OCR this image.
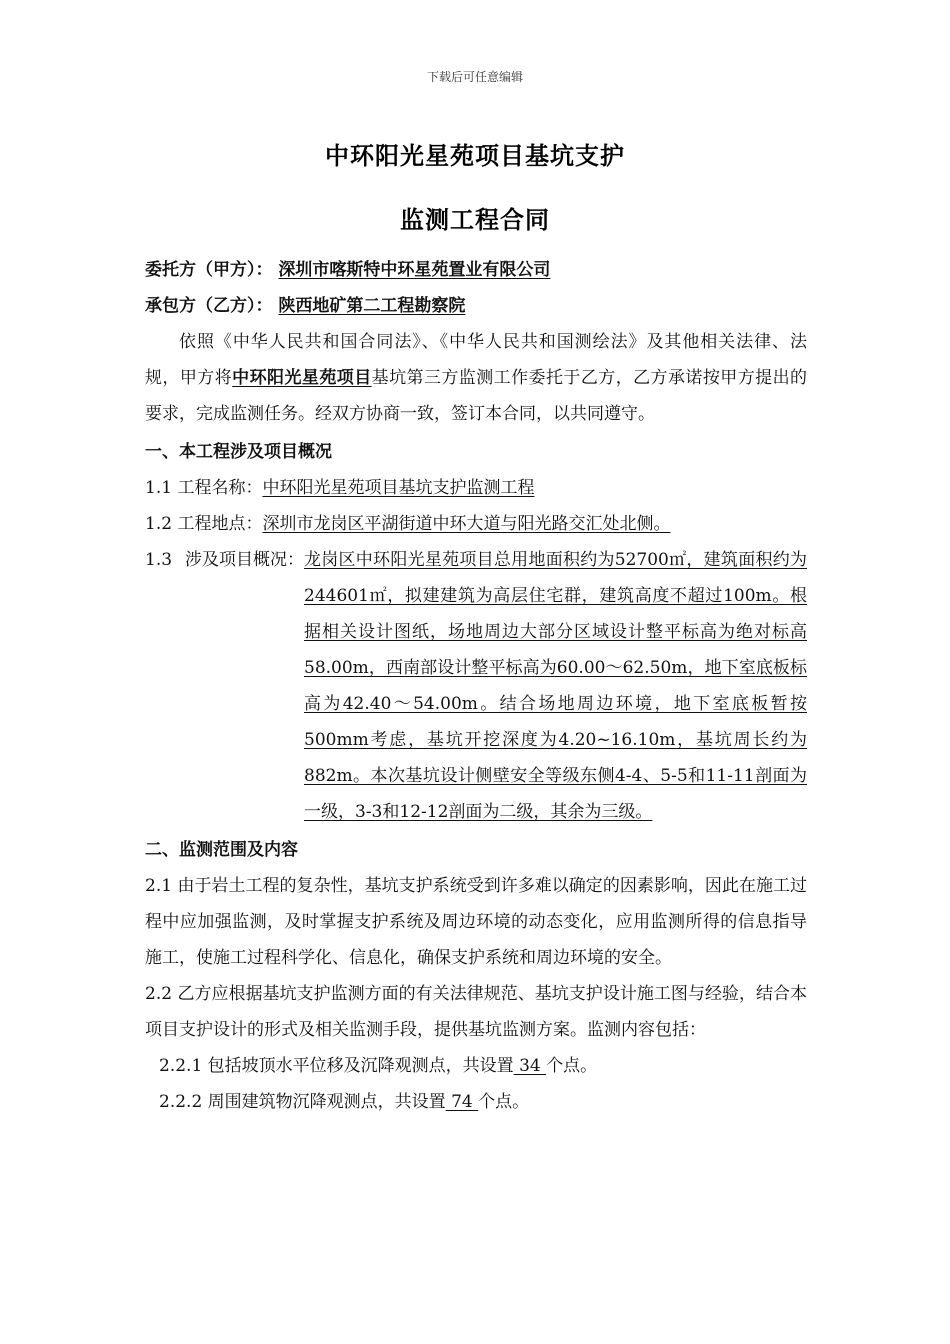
下载后可任意编辑
中环阳光星苑项目基坑支护
监测工程合同
委托方（甲方）： 深圳市喀斯特中环星苑置业有限公司
承包方（乙方）： 陕西地矿第二工程勘察院
依照《中华人民共和国合同法》、《中华人民共和国测绘法》及其他相关法律、法规，甲方将中环阳光星苑项目基坑第三方监测工作委托于乙方，乙方承诺按甲方提出的要求，完成监测任务。经双方协商一致，签订本合同，以共同遵守。
一、本工程涉及项目概况
1.1 工程名称： 中环阳光星苑项目基坑支护监测工程
1.2 工程地点： 深圳市龙岗区平湖街道中环大道与阳光路交汇处北侧。
1.3 涉及项目概况： 龙岗区中环阳光星苑项目总用地面积约为52700㎡，建筑面积约为244601㎡，拟建建筑为高层住宅群，建筑高度不超过100m。根据相关设计图纸，场地周边大部分区域设计整平标高为绝对标高58.00m，西南部设计整平标高为60.00～62.50m，地下室底板标高为42.40～54.00m。结合场地周边环境，地下室底板暂按500mm考虑，基坑开挖深度为4.20~16.10m，基坑周长约为882m。本次基坑设计侧壁安全等级东侧4-4、5-5和11-11剖面为一级，3-3和12-12剖面为二级，其余为三级。
二、监测范围及内容
2.1 由于岩土工程的复杂性，基坑支护系统受到许多难以确定的因素影响，因此在施工过程中应加强监测，及时掌握支护系统及周边环境的动态变化，应用监测所得的信息指导施工，使施工过程科学化、信息化，确保支护系统和周边环境的安全。
2.2 乙方应根据基坑支护监测方面的有关法律规范、基坑支护设计施工图与经验，结合本项目支护设计的形式及相关监测手段，提供基坑监测方案。监测内容包括：
2.2.1 包括坡顶水平位移及沉降观测点，共设置 34 个点。
2.2.2 周围建筑物沉降观测点，共设置 74 个点。
